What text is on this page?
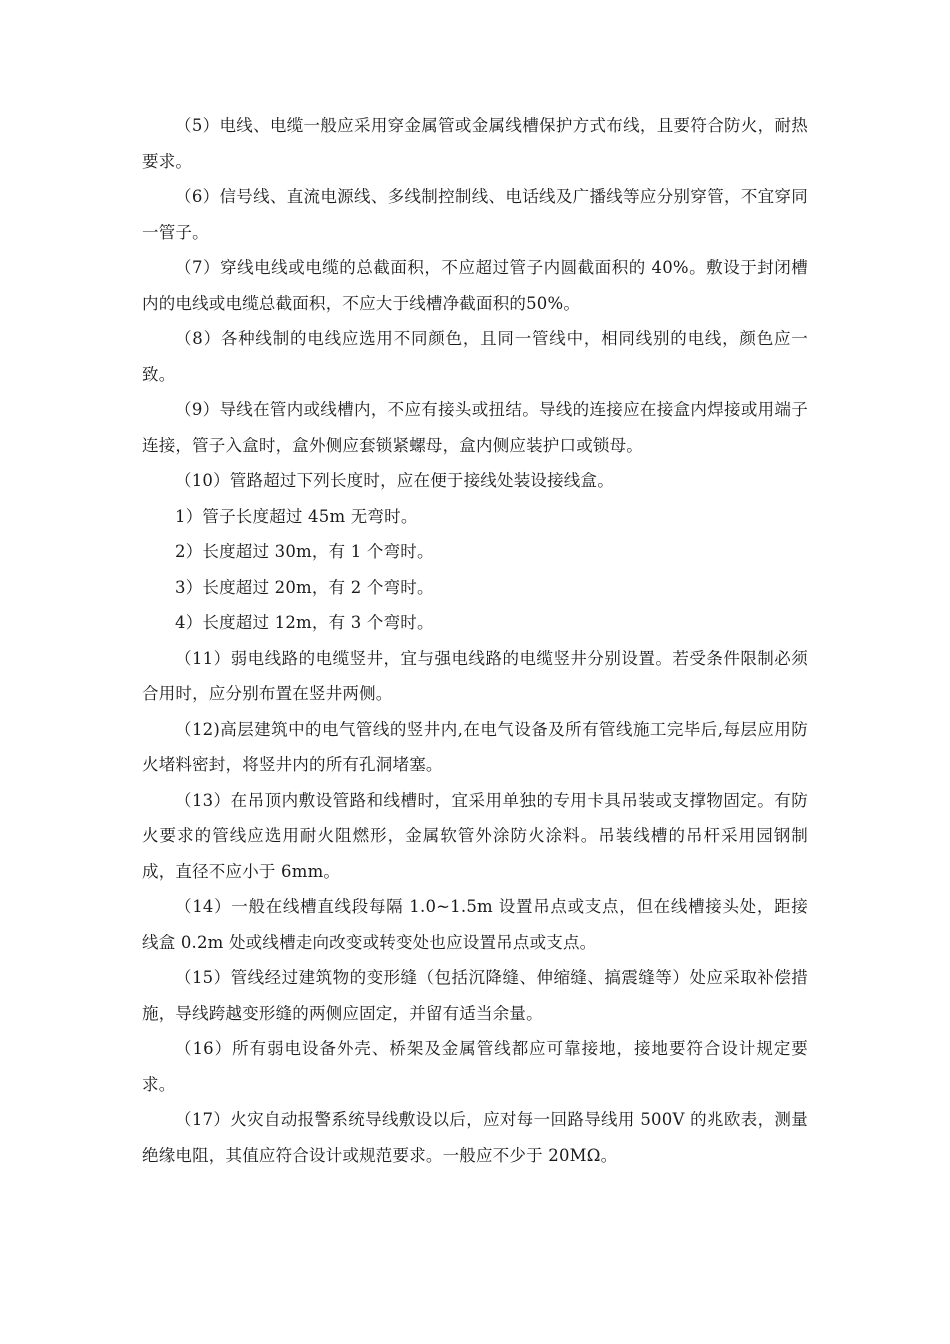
（5）电线、电缆一般应采用穿金属管或金属线槽保护方式布线，且要符合防火，耐热要求。

（6）信号线、直流电源线、多线制控制线、电话线及广播线等应分别穿管，不宜穿同一管子。

（7）穿线电线或电缆的总截面积，不应超过管子内圆截面积的 40%。敷设于封闭槽内的电线或电缆总截面积，不应大于线槽净截面积的50%。

（8）各种线制的电线应选用不同颜色，且同一管线中，相同线别的电线，颜色应一致。

（9）导线在管内或线槽内，不应有接头或扭结。导线的连接应在接盒内焊接或用端子连接，管子入盒时，盒外侧应套锁紧螺母，盒内侧应装护口或锁母。

（10）管路超过下列长度时，应在便于接线处装设接线盒。

1）管子长度超过 45m 无弯时。

2）长度超过 30m，有 1 个弯时。

3）长度超过 20m，有 2 个弯时。

4）长度超过 12m，有 3 个弯时。

（11）弱电线路的电缆竖井，宜与强电线路的电缆竖井分别设置。若受条件限制必须合用时，应分别布置在竖井两侧。

（12)高层建筑中的电气管线的竖井内,在电气设备及所有管线施工完毕后,每层应用防火堵料密封，将竖井内的所有孔洞堵塞。

（13）在吊顶内敷设管路和线槽时，宜采用单独的专用卡具吊装或支撑物固定。有防火要求的管线应选用耐火阻燃形，金属软管外涂防火涂料。吊装线槽的吊杆采用园钢制成，直径不应小于 6mm。

（14）一般在线槽直线段每隔 1.0~1.5m 设置吊点或支点，但在线槽接头处，距接线盒 0.2m 处或线槽走向改变或转变处也应设置吊点或支点。

（15）管线经过建筑物的变形缝（包括沉降缝、伸缩缝、搞震缝等）处应采取补偿措施，导线跨越变形缝的两侧应固定，并留有适当余量。

（16）所有弱电设备外壳、桥架及金属管线都应可靠接地，接地要符合设计规定要求。

（17）火灾自动报警系统导线敷设以后，应对每一回路导线用 500V 的兆欧表，测量绝缘电阻，其值应符合设计或规范要求。一般应不少于 20MΩ。
